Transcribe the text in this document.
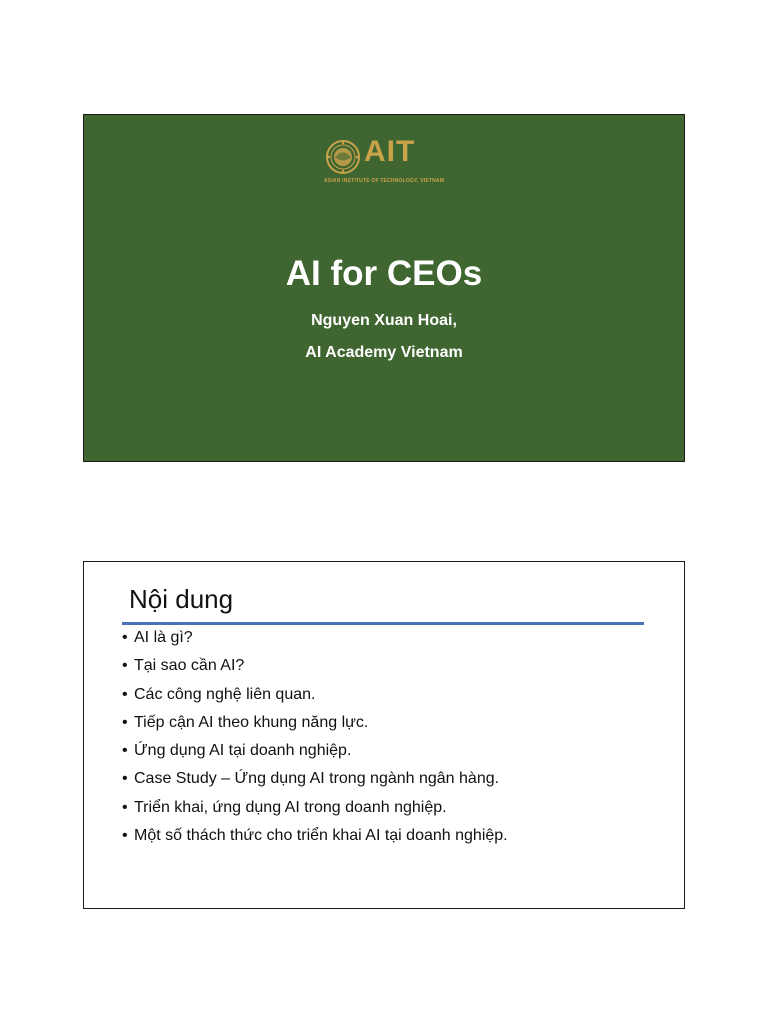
AIT
ASIAN INSTITUTE OF TECHNOLOGY, VIETNAM
AI for CEOs
Nguyen Xuan Hoai,
AI Academy Vietnam
Nội dung
• AI là gì?
• Tại sao cần AI?
• Các công nghệ liên quan.
• Tiếp cận AI theo khung năng lực.
• Ứng dụng AI tại doanh nghiệp.
• Case Study – Ứng dụng AI trong ngành ngân hàng.
• Triển khai, ứng dụng AI trong doanh nghiệp.
• Một số thách thức cho triển khai AI tại doanh nghiệp.
